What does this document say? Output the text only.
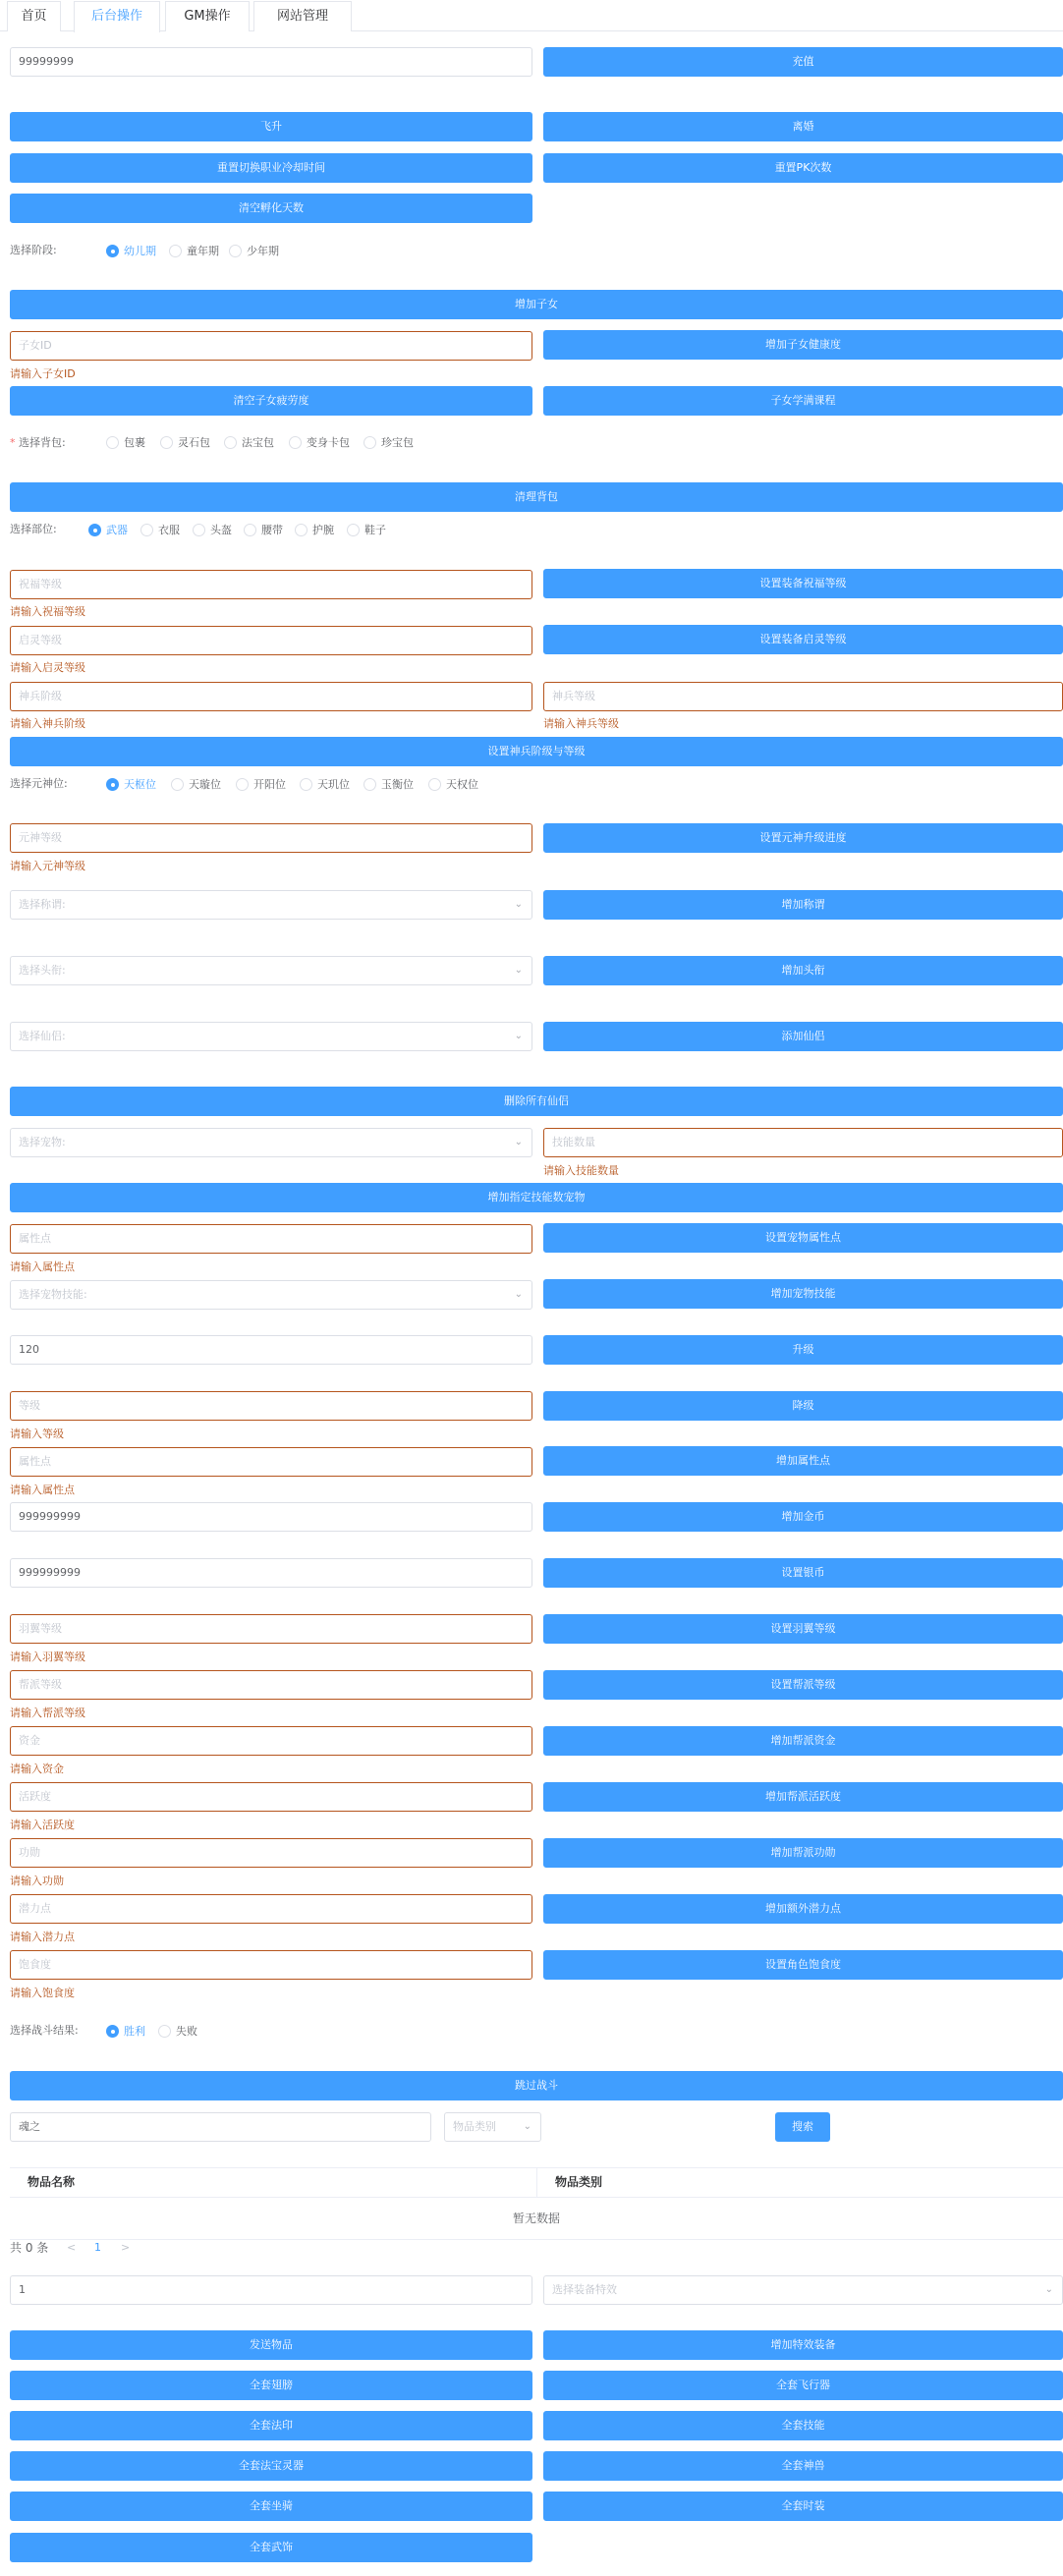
首页	后台操作	GM操作	网站管理
99999999	充值
飞升	离婚
重置切换职业冷却时间	重置PK次数
清空孵化天数
选择阶段:	幼儿期	童年期	少年期
增加子女
子女ID	增加子女健康度
请输入子女ID
清空子女疲劳度	子女学满课程
* 选择背包:	包裹	灵石包	法宝包	变身卡包	珍宝包
清理背包
选择部位:	武器	衣服	头盔	腰带	护腕	鞋子
祝福等级	设置装备祝福等级
请输入祝福等级
启灵等级	设置装备启灵等级
请输入启灵等级
神兵阶级	神兵等级
请输入神兵阶级	请输入神兵等级
设置神兵阶级与等级
选择元神位:	天枢位	天璇位	开阳位	天玑位	玉衡位	天权位
元神等级	设置元神升级进度
请输入元神等级
选择称谓:	⌄	增加称谓
选择头衔:	⌄	增加头衔
选择仙侣:	⌄	添加仙侣
删除所有仙侣
选择宠物:	⌄	技能数量
请输入技能数量
增加指定技能数宠物
属性点	设置宠物属性点
请输入属性点
选择宠物技能:	⌄	增加宠物技能
120	升级
等级	降级
请输入等级
属性点	增加属性点
请输入属性点
999999999	增加金币
999999999	设置银币
羽翼等级	设置羽翼等级
请输入羽翼等级
帮派等级	设置帮派等级
请输入帮派等级
资金	增加帮派资金
请输入资金
活跃度	增加帮派活跃度
请输入活跃度
功勋	增加帮派功勋
请输入功勋
潜力点	增加额外潜力点
请输入潜力点
饱食度	设置角色饱食度
请输入饱食度
选择战斗结果:	胜利	失败
跳过战斗
魂之	物品类别	⌄	搜索
物品名称	物品类别
暂无数据
共 0 条 < 1 >
1	选择装备特效	⌄
发送物品	增加特效装备
全套翅膀	全套飞行器
全套法印	全套技能
全套法宝灵器	全套神兽
全套坐骑	全套时装
全套武饰
